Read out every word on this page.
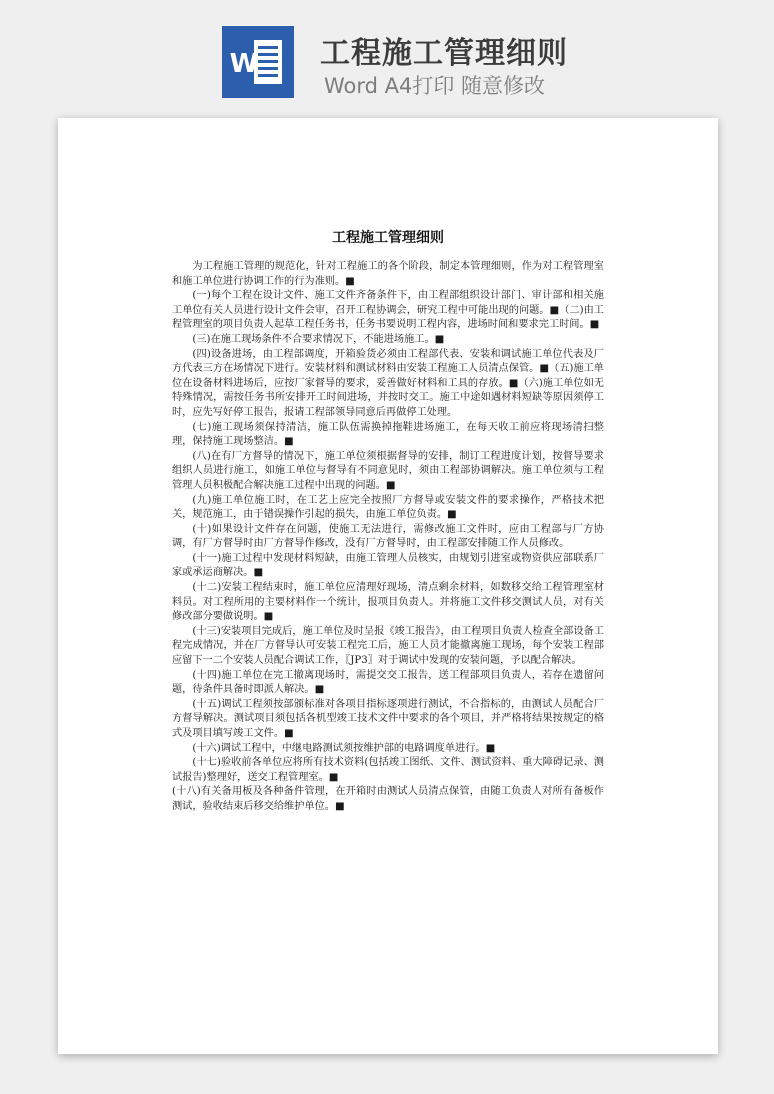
W 工程施工管理细则
Word A4打印 随意修改
工程施工管理细则

为工程施工管理的规范化，针对工程施工的各个阶段，制定本管理细则，作为对工程管理室和施工单位进行协调工作的行为准则。■

(一)每个工程在设计文件、施工文件齐备条件下，由工程部组织设计部门、审计部和相关施工单位有关人员进行设计文件会审，召开工程协调会，研究工程中可能出现的问题。■（二)由工程管理室的项目负责人起草工程任务书，任务书要说明工程内容，进场时间和要求完工时间。■

(三)在施工现场条件不合要求情况下，不能进场施工。■

(四)设备进场，由工程部调度，开箱验货必须由工程部代表、安装和调试施工单位代表及厂方代表三方在场情况下进行。安装材料和测试材料由安装工程施工人员清点保管。■（五)施工单位在设备材料进场后，应按厂家督导的要求，妥善做好材料和工具的存放。■（六)施工单位如无特殊情况，需按任务书所安排开工时间进场，并按时交工。施工中途如遇材料短缺等原因须停工时，应先写好停工报告，报请工程部领导同意后再做停工处理。

(七)施工现场须保持清洁，施工队伍需换掉拖鞋进场施工，在每天收工前应将现场清扫整理，保持施工现场整洁。■

(八)在有厂方督导的情况下，施工单位须根据督导的安排，制订工程进度计划，按督导要求组织人员进行施工，如施工单位与督导有不同意见时，须由工程部协调解决。施工单位须与工程管理人员积极配合解决施工过程中出现的问题。■

(九)施工单位施工时，在工艺上应完全按照厂方督导或安装文件的要求操作，严格技术把关，规范施工，由于错误操作引起的损失，由施工单位负责。■

(十)如果设计文件存在问题，使施工无法进行，需修改施工文件时，应由工程部与厂方协调，有厂方督导时由厂方督导作修改，没有厂方督导时，由工程部安排随工作人员修改。

(十一)施工过程中发现材料短缺，由施工管理人员核实，由规划引进室或物资供应部联系厂家或承运商解决。■

(十二)安装工程结束时，施工单位应清理好现场，清点剩余材料，如数移交给工程管理室材料员。对工程所用的主要材料作一个统计，报项目负责人。并将施工文件移交测试人员，对有关修改部分要做说明。■

(十三)安装项目完成后，施工单位及时呈报《竣工报告》，由工程项目负责人检查全部设备工程完成情况，并在厂方督导认可安装工程完工后，施工人员才能撤离施工现场，每个安装工程部应留下一二个安装人员配合调试工作，〖JP3〗对于调试中发现的安装问题，予以配合解决。

(十四)施工单位在完工撤离现场时，需提交交工报告，送工程部项目负责人，若存在遗留问题，待条件具备时即派人解决。■

(十五)调试工程须按部颁标准对各项目指标逐项进行测试，不合指标的，由测试人员配合厂方督导解决。测试项目须包括各机型竣工技术文件中要求的各个项目，并严格将结果按规定的格式及项目填写竣工文件。■

(十六)调试工程中，中继电路测试须按维护部的电路调度单进行。■

(十七)验收前各单位应将所有技术资料(包括竣工图纸、文件、测试资料、重大障碍记录、测试报告)整理好，送交工程管理室。■

(十八)有关备用板及各种备件管理，在开箱时由测试人员清点保管，由随工负责人对所有备板作测试，验收结束后移交给维护单位。■
